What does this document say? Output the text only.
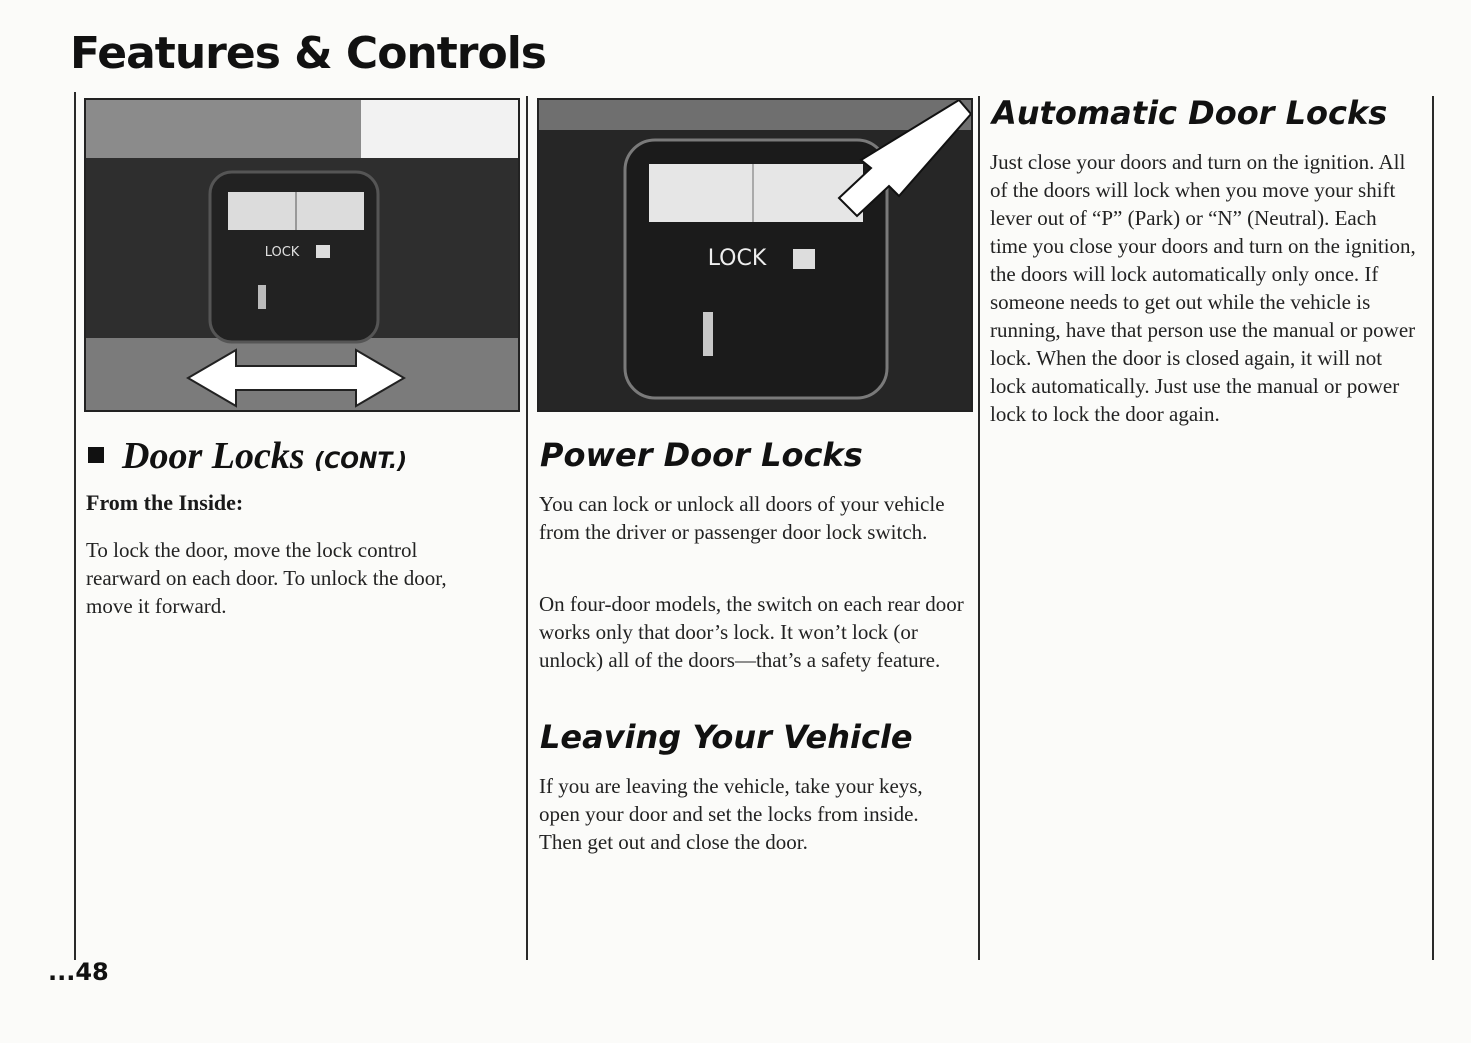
Features & Controls
LOCK	LOCK
Door Locks (CONT.)
From the Inside:

To lock the door, move the lock control rearward on each door. To unlock the door, move it forward.

Power Door Locks

You can lock or unlock all doors of your vehicle from the driver or passenger door lock switch.

On four-door models, the switch on each rear door works only that door’s lock. It won’t lock (or unlock) all of the doors—that’s a safety feature.

Leaving Your Vehicle

If you are leaving the vehicle, take your keys, open your door and set the locks from inside. Then get out and close the door.

Automatic Door Locks

Just close your doors and turn on the ignition. All of the doors will lock when you move your shift lever out of “P” (Park) or “N” (Neutral). Each time you close your doors and turn on the ignition, the doors will lock automatically only once. If someone needs to get out while the vehicle is running, have that person use the manual or power lock. When the door is closed again, it will not lock automatically. Just use the manual or power lock to lock the door again.

...48
